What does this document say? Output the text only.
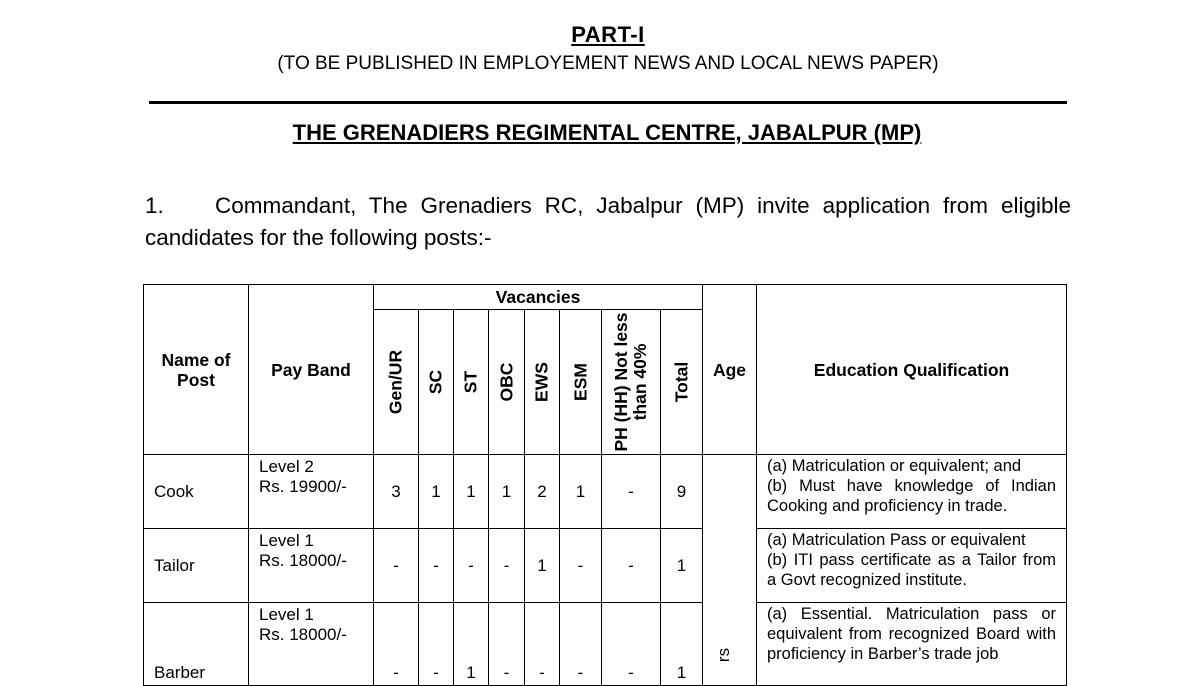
PART-I
(TO BE PUBLISHED IN EMPLOYEMENT NEWS AND LOCAL NEWS PAPER)
THE GRENADIERS REGIMENTAL CENTRE, JABALPUR (MP)
1. Commandant, The Grenadiers RC, Jabalpur (MP) invite application from eligible candidates for the following posts:-
Name of Post	Pay Band	Vacancies								Age	Education Qualification

		Gen/UR	SC	ST	OBC	EWS	ESM	PH (HH) Not less
than 40%	Total		

Cook	Level 2
Rs. 19900/-	3	1	1	1	2	1	-	9	rs	(a) Matriculation or equivalent; and
(b) Must have knowledge of Indian Cooking and proficiency in trade.
Tailor	Level 1
Rs. 18000/-	-	-	-	-	1	-	-	1		(a) Matriculation Pass or equivalent
(b) ITI pass certificate as a Tailor from a Govt recognized institute.
Barber	Level 1
Rs. 18000/-	-	-	1	-	-	-	-	1		(a) Essential. Matriculation pass or equivalent from recognized Board with proficiency in Barber’s trade job
